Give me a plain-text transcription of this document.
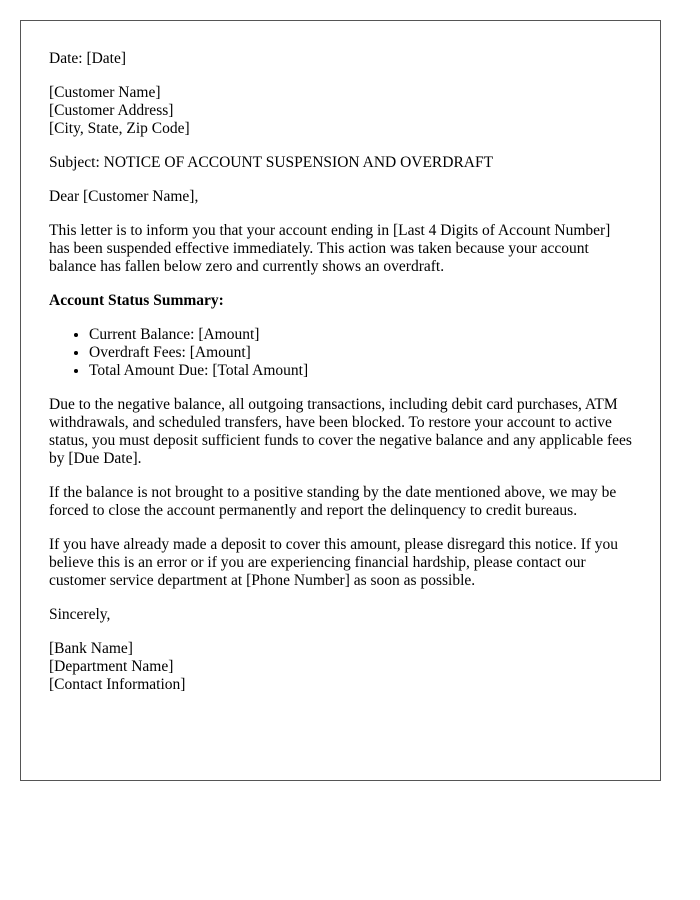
Date: [Date]

[Customer Name]
[Customer Address]
[City, State, Zip Code]

Subject: NOTICE OF ACCOUNT SUSPENSION AND OVERDRAFT

Dear [Customer Name],

This letter is to inform you that your account ending in [Last 4 Digits of Account Number] has been suspended effective immediately. This action was taken because your account balance has fallen below zero and currently shows an overdraft.

Account Status Summary:

• Current Balance: [Amount]
• Overdraft Fees: [Amount]
• Total Amount Due: [Total Amount]

Due to the negative balance, all outgoing transactions, including debit card purchases, ATM withdrawals, and scheduled transfers, have been blocked. To restore your account to active status, you must deposit sufficient funds to cover the negative balance and any applicable fees by [Due Date].

If the balance is not brought to a positive standing by the date mentioned above, we may be forced to close the account permanently and report the delinquency to credit bureaus.

If you have already made a deposit to cover this amount, please disregard this notice. If you believe this is an error or if you are experiencing financial hardship, please contact our customer service department at [Phone Number] as soon as possible.

Sincerely,

[Bank Name]
[Department Name]
[Contact Information]
